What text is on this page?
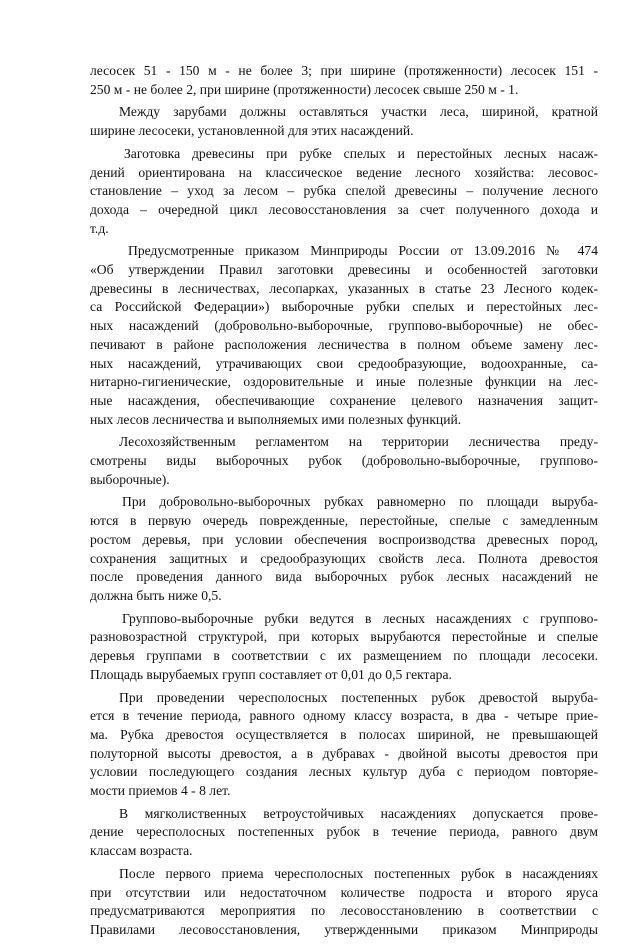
лесосек 51 - 150 м - не более 3; при ширине (протяженности) лесосек 151 -
250 м - не более 2, при ширине (протяженности) лесосек свыше 250 м - 1.
Между зарубами должны оставляться участки леса, шириной, кратной
ширине лесосеки, установленной для этих насаждений.
Заготовка древесины при рубке спелых и перестойных лесных насаж-
дений ориентирована на классическое ведение лесного хозяйства: лесовос-
становление – уход за лесом – рубка спелой древесины – получение лесного
дохода – очередной цикл лесовосстановления за счет полученного дохода и
т.д.
Предусмотренные приказом Минприроды России от 13.09.2016 № 474
«Об утверждении Правил заготовки древесины и особенностей заготовки
древесины в лесничествах, лесопарках, указанных в статье 23 Лесного кодек-
са Российской Федерации») выборочные рубки спелых и перестойных лес-
ных насаждений (добровольно-выборочные, группово-выборочные) не обес-
печивают в районе расположения лесничества в полном объеме замену лес-
ных насаждений, утрачивающих свои средообразующие, водоохранные, са-
нитарно-гигиенические, оздоровительные и иные полезные функции на лес-
ные насаждения, обеспечивающие сохранение целевого назначения защит-
ных лесов лесничества и выполняемых ими полезных функций.
Лесохозяйственным регламентом на территории лесничества преду-
смотрены виды выборочных рубок (добровольно-выборочные, группово-
выборочные).
При добровольно-выборочных рубках равномерно по площади выруба-
ются в первую очередь поврежденные, перестойные, спелые с замедленным
ростом деревья, при условии обеспечения воспроизводства древесных пород,
сохранения защитных и средообразующих свойств леса. Полнота древостоя
после проведения данного вида выборочных рубок лесных насаждений не
должна быть ниже 0,5.
Группово-выборочные рубки ведутся в лесных насаждениях с группово-
разновозрастной структурой, при которых вырубаются перестойные и спелые
деревья группами в соответствии с их размещением по площади лесосеки.
Площадь вырубаемых групп составляет от 0,01 до 0,5 гектара.
При проведении чересполосных постепенных рубок древостой выруба-
ется в течение периода, равного одному классу возраста, в два - четыре прие-
ма. Рубка древостоя осуществляется в полосах шириной, не превышающей
полуторной высоты древостоя, а в дубравах - двойной высоты древостоя при
условии последующего создания лесных культур дуба с периодом повторяе-
мости приемов 4 - 8 лет.
В мягколиственных ветроустойчивых насаждениях допускается прове-
дение чересполосных постепенных рубок в течение периода, равного двум
классам возраста.
После первого приема чересполосных постепенных рубок в насаждениях
при отсутствии или недостаточном количестве подроста и второго яруса
предусматриваются мероприятия по лесовосстановлению в соответствии с
Правилами лесовосстановления, утвержденными приказом Минприроды
